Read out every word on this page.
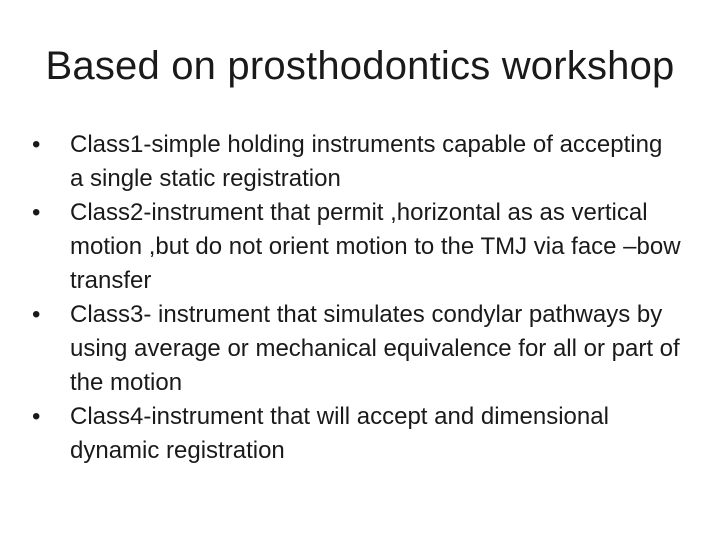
Based on prosthodontics workshop
•	Class1-simple holding instruments capable of accepting a single static registration
•	Class2-instrument that permit ,horizontal as as vertical motion ,but do not orient motion to the TMJ via face –bow transfer
•	Class3- instrument that simulates condylar pathways by using average or mechanical equivalence for all or part of the motion
•	Class4-instrument that will accept and dimensional dynamic registration
